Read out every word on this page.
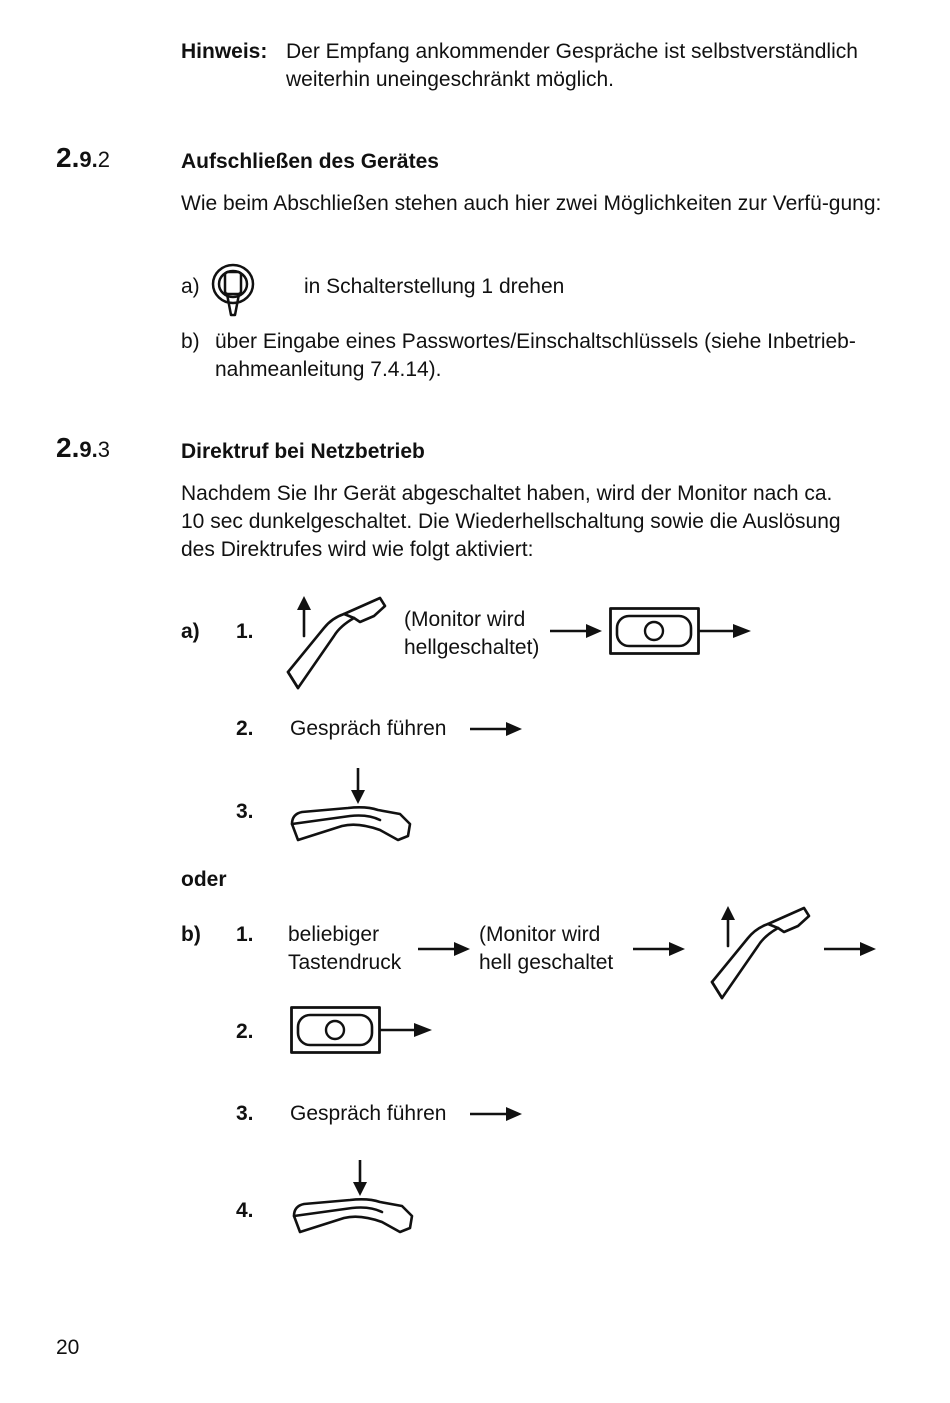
Hinweis: Der Empfang ankommender Gespräche ist selbstverständlich
weiterhin uneingeschränkt möglich.
2.9.2	Aufschließen des Gerätes
Wie beim Abschließen stehen auch hier zwei Möglichkeiten zur Verfü-gung:
a)	in Schalterstellung 1 drehen
b) über Eingabe eines Passwortes/Einschaltschlüssels (siehe Inbetrieb-
nahmeanleitung 7.4.14).
2.9.3	Direktruf bei Netzbetrieb
Nachdem Sie Ihr Gerät abgeschaltet haben, wird der Monitor nach ca.
10 sec dunkelgeschaltet. Die Wiederhellschaltung sowie die Auslösung
des Direktrufes wird wie folgt aktiviert:
a) 1.
(Monitor wird
hellgeschaltet)
2. Gespräch führen
3.
oder
b) 1. beliebiger
Tastendruck
(Monitor wird
hell geschaltet
2.
3. Gespräch führen
4.
20
